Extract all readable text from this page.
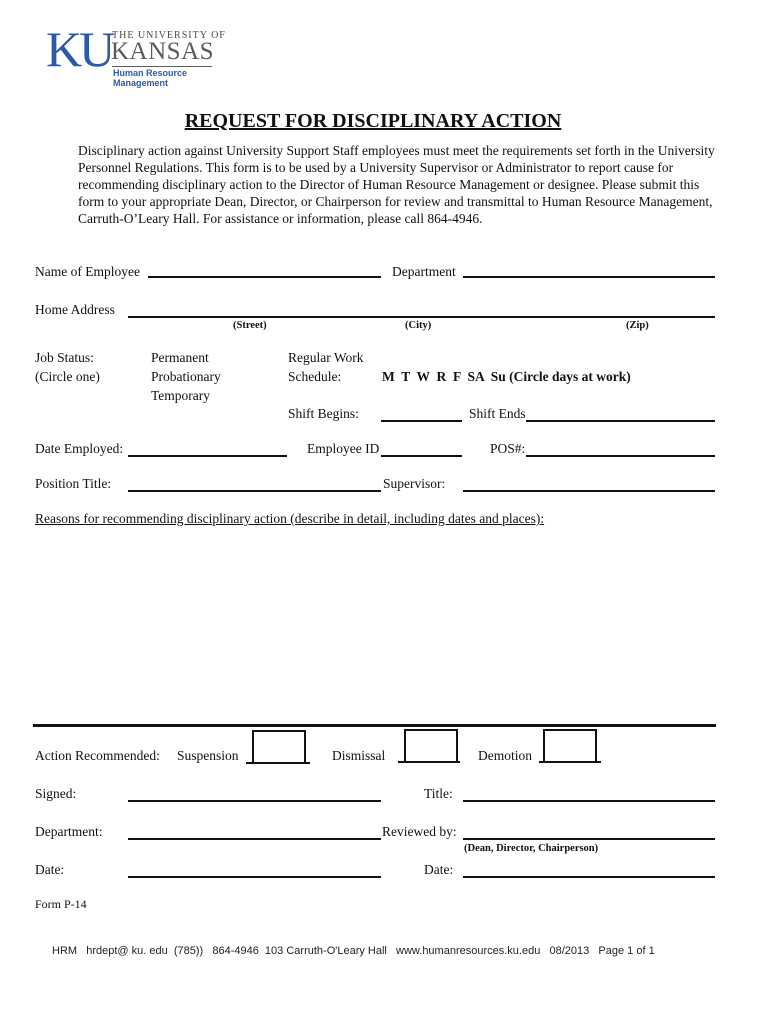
KU THE UNIVERSITY OF
KANSAS
Human Resource
Management
REQUEST FOR DISCIPLINARY ACTION
Disciplinary action against University Support Staff employees must meet the requirements set forth in the University Personnel Regulations. This form is to be used by a University Supervisor or Administrator to report cause for recommending disciplinary action to the Director of Human Resource Management or designee. Please submit this form to your appropriate Dean, Director, or Chairperson for review and transmittal to Human Resource Management, Carruth-O’Leary Hall. For assistance or information, please call 864-4946.
Name of Employee	Department
Home Address
(Street)	(City)	(Zip)
Job Status:
(Circle one)
Permanent
Probationary
Temporary
Regular Work
Schedule:	M  T  W  R  F  SA  Su (Circle days at work)
Shift Begins:	Shift Ends
Date Employed:	Employee ID	POS#:
Position Title:	Supervisor:
Reasons for recommending disciplinary action (describe in detail, including dates and places):
Action Recommended: Suspension	Dismissal	Demotion
Signed:	Title:
Department:	Reviewed by:
(Dean, Director, Chairperson)
Date:	Date:
Form P-14
HRM   hrdept@ ku. edu  (785))   864-4946  103 Carruth-O'Leary Hall   www.humanresources.ku.edu   08/2013   Page 1 of 1
